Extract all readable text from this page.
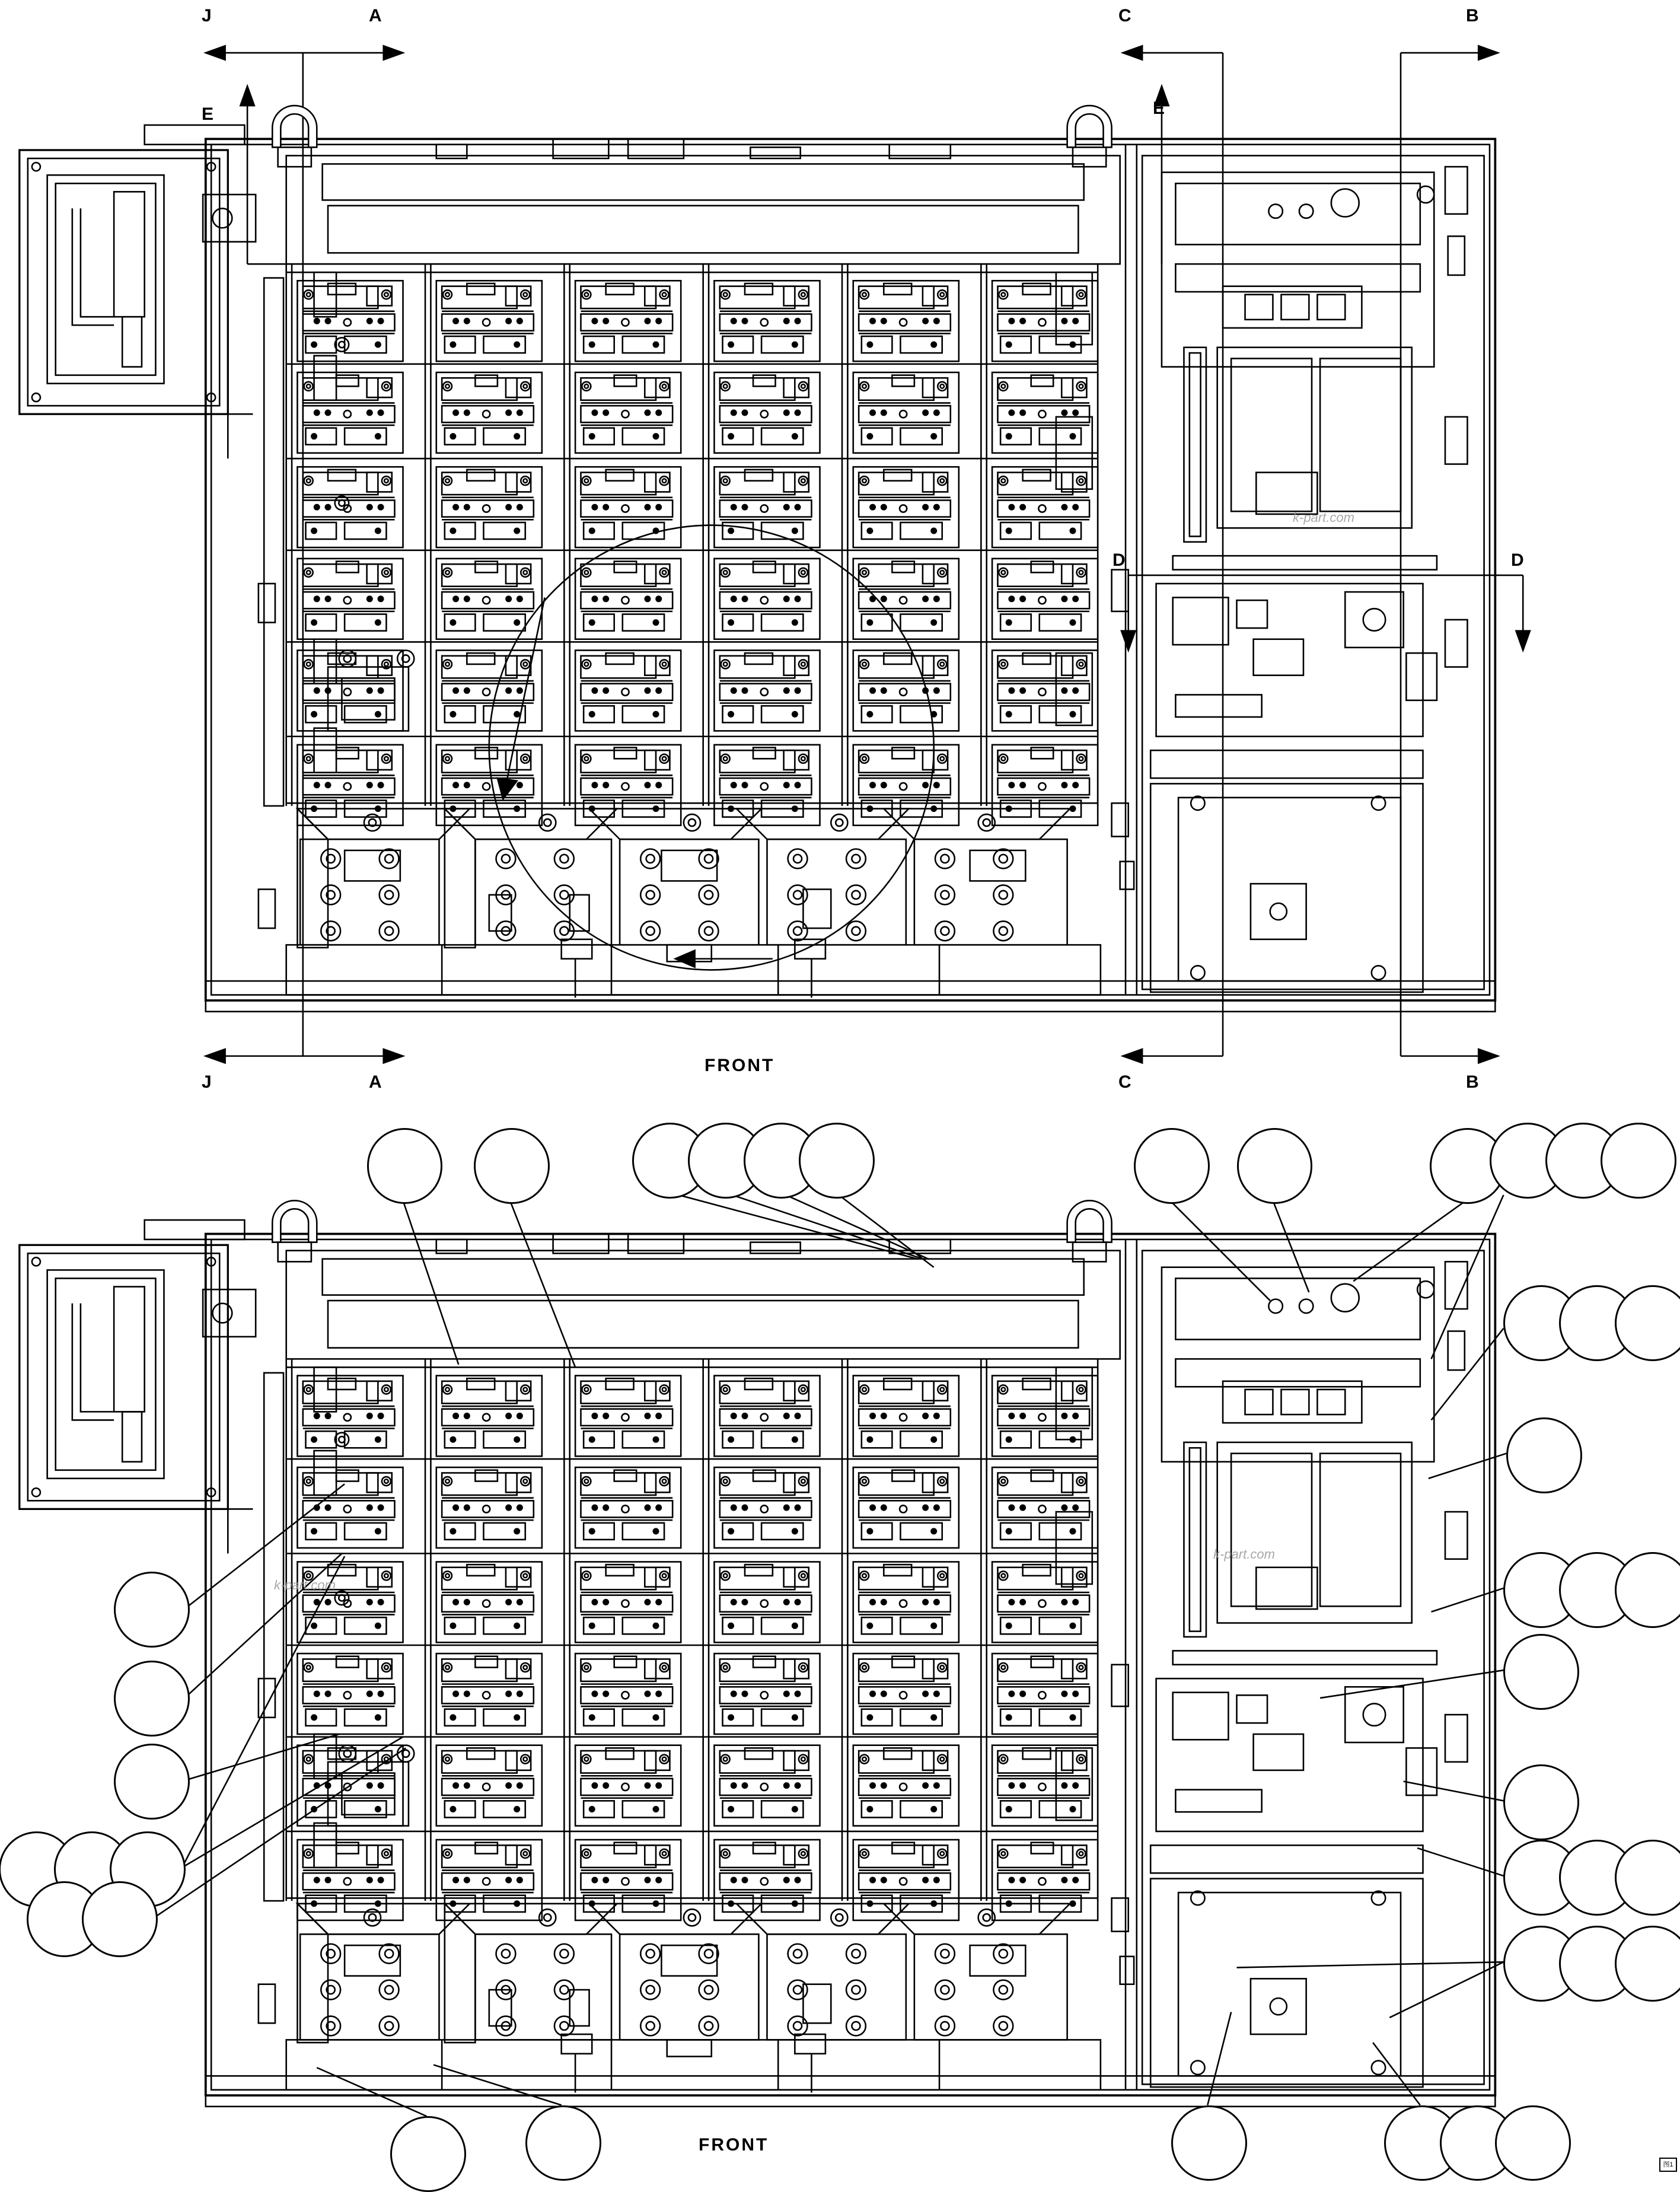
J	A	C	B
E	E
D	D
J	A	C	B
FRONT
FRONT
k-part.com
k-part.com
k-part.com
图1
